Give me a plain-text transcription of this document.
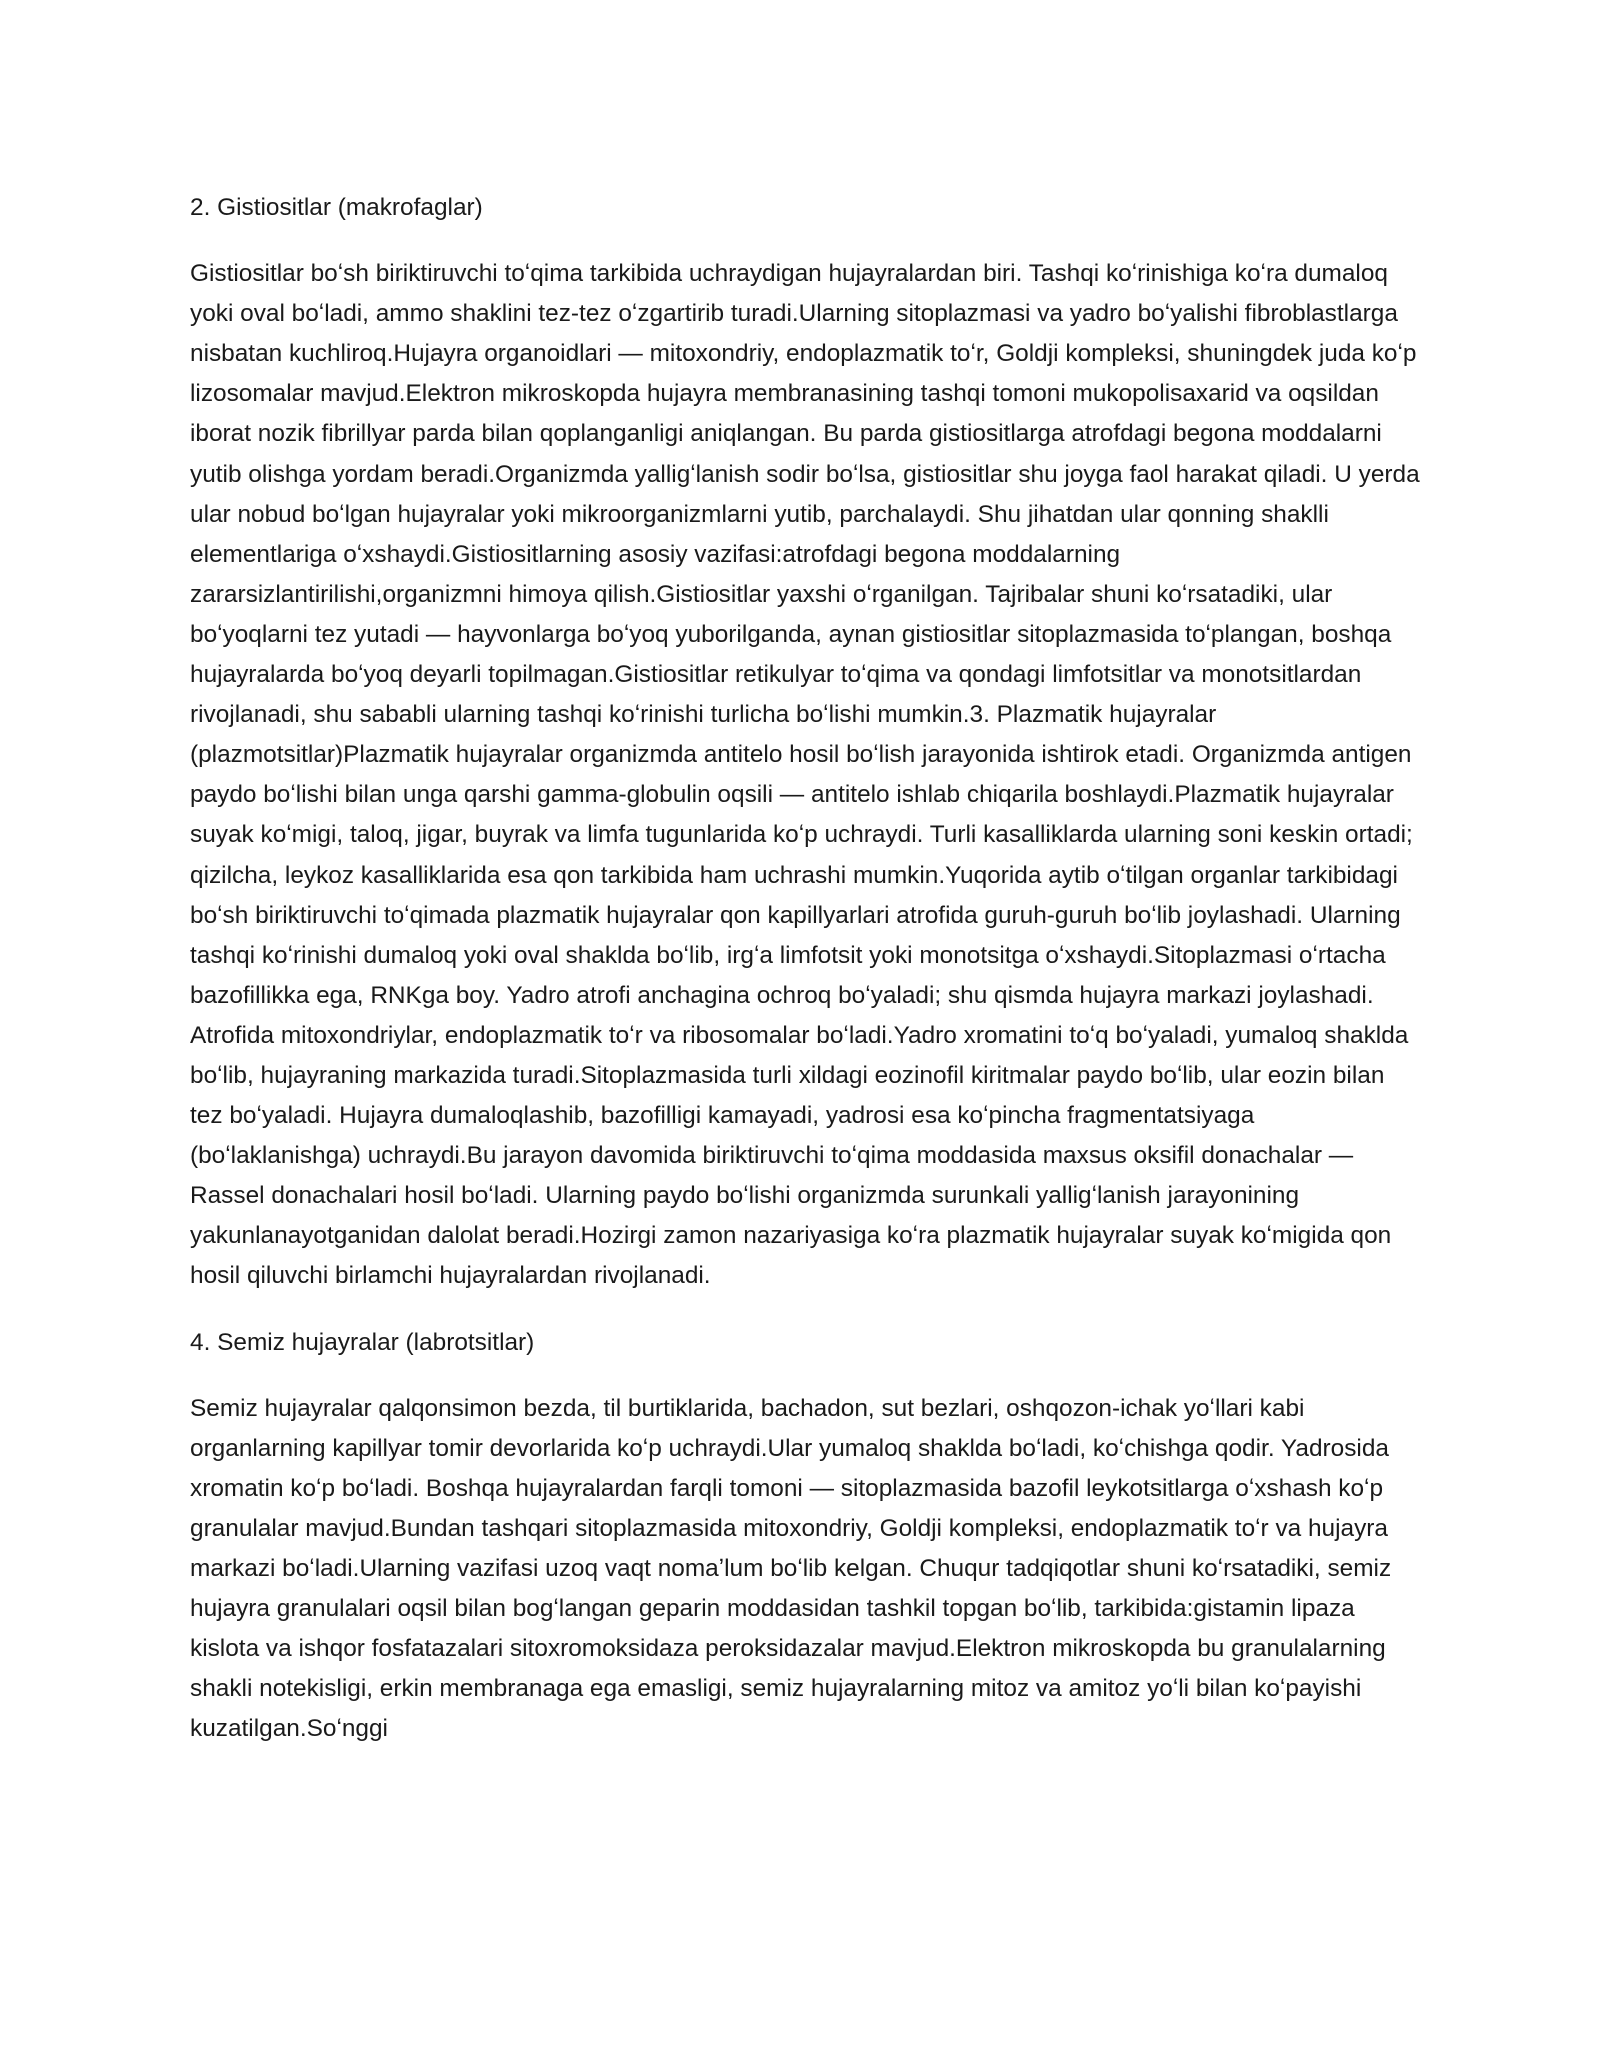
2. Gistiositlar (makrofaglar)

Gistiositlar boʻsh biriktiruvchi toʻqima tarkibida uchraydigan hujayralardan biri. Tashqi koʻrinishiga koʻra dumaloq yoki oval boʻladi, ammo shaklini tez-tez oʻzgartirib turadi.Ularning sitoplazmasi va yadro boʻyalishi fibroblastlarga nisbatan kuchliroq.Hujayra organoidlari — mitoxondriy, endoplazmatik toʻr, Goldji kompleksi, shuningdek juda koʻp lizosomalar mavjud.Elektron mikroskopda hujayra membranasining tashqi tomoni mukopolisaxarid va oqsildan iborat nozik fibrillyar parda bilan qoplanganligi aniqlangan. Bu parda gistiositlarga atrofdagi begona moddalarni yutib olishga yordam beradi.Organizmda yalligʻlanish sodir boʻlsa, gistiositlar shu joyga faol harakat qiladi. U yerda ular nobud boʻlgan hujayralar yoki mikroorganizmlarni yutib, parchalaydi. Shu jihatdan ular qonning shaklli elementlariga oʻxshaydi.Gistiositlarning asosiy vazifasi:atrofdagi begona moddalarning zararsizlantirilishi,organizmni himoya qilish.Gistiositlar yaxshi oʻrganilgan. Tajribalar shuni koʻrsatadiki, ular boʻyoqlarni tez yutadi — hayvonlarga boʻyoq yuborilganda, aynan gistiositlar sitoplazmasida toʻplangan, boshqa hujayralarda boʻyoq deyarli topilmagan.Gistiositlar retikulyar toʻqima va qondagi limfotsitlar va monotsitlardan rivojlanadi, shu sababli ularning tashqi koʻrinishi turlicha boʻlishi mumkin.3. Plazmatik hujayralar (plazmotsitlar)Plazmatik hujayralar organizmda antitelo hosil boʻlish jarayonida ishtirok etadi. Organizmda antigen paydo boʻlishi bilan unga qarshi gamma-globulin oqsili — antitelo ishlab chiqarila boshlaydi.Plazmatik hujayralar suyak koʻmigi, taloq, jigar, buyrak va limfa tugunlarida koʻp uchraydi. Turli kasalliklarda ularning soni keskin ortadi; qizilcha, leykoz kasalliklarida esa qon tarkibida ham uchrashi mumkin.Yuqorida aytib oʻtilgan organlar tarkibidagi boʻsh biriktiruvchi toʻqimada plazmatik hujayralar qon kapillyarlari atrofida guruh-guruh boʻlib joylashadi. Ularning tashqi koʻrinishi dumaloq yoki oval shaklda boʻlib, irgʻa limfotsit yoki monotsitga oʻxshaydi.Sitoplazmasi oʻrtacha bazofillikka ega, RNKga boy. Yadro atrofi anchagina ochroq boʻyaladi; shu qismda hujayra markazi joylashadi. Atrofida mitoxondriylar, endoplazmatik toʻr va ribosomalar boʻladi.Yadro xromatini toʻq boʻyaladi, yumaloq shaklda boʻlib, hujayraning markazida turadi.Sitoplazmasida turli xildagi eozinofil kiritmalar paydo boʻlib, ular eozin bilan tez boʻyaladi. Hujayra dumaloqlashib, bazofilligi kamayadi, yadrosi esa koʻpincha fragmentatsiyaga (boʻlaklanishga) uchraydi.Bu jarayon davomida biriktiruvchi toʻqima moddasida maxsus oksifil donachalar — Rassel donachalari hosil boʻladi. Ularning paydo boʻlishi organizmda surunkali yalligʻlanish jarayonining yakunlanayotganidan dalolat beradi.Hozirgi zamon nazariyasiga koʻra plazmatik hujayralar suyak koʻmigida qon hosil qiluvchi birlamchi hujayralardan rivojlanadi.

4. Semiz hujayralar (labrotsitlar)

Semiz hujayralar qalqonsimon bezda, til burtiklarida, bachadon, sut bezlari, oshqozon-ichak yoʻllari kabi organlarning kapillyar tomir devorlarida koʻp uchraydi.Ular yumaloq shaklda boʻladi, koʻchishga qodir. Yadrosida xromatin koʻp boʻladi. Boshqa hujayralardan farqli tomoni — sitoplazmasida bazofil leykotsitlarga oʻxshash koʻp granulalar mavjud.Bundan tashqari sitoplazmasida mitoxondriy, Goldji kompleksi, endoplazmatik toʻr va hujayra markazi boʻladi.Ularning vazifasi uzoq vaqt nomaʼlum boʻlib kelgan. Chuqur tadqiqotlar shuni koʻrsatadiki, semiz hujayra granulalari oqsil bilan bogʻlangan geparin moddasidan tashkil topgan boʻlib, tarkibida:gistamin lipaza kislota va ishqor fosfatazalari sitoxromoksidaza peroksidazalar mavjud.Elektron mikroskopda bu granulalarning shakli notekisligi, erkin membranaga ega emasligi, semiz hujayralarning mitoz va amitoz yoʻli bilan koʻpayishi kuzatilgan.Soʻnggi
